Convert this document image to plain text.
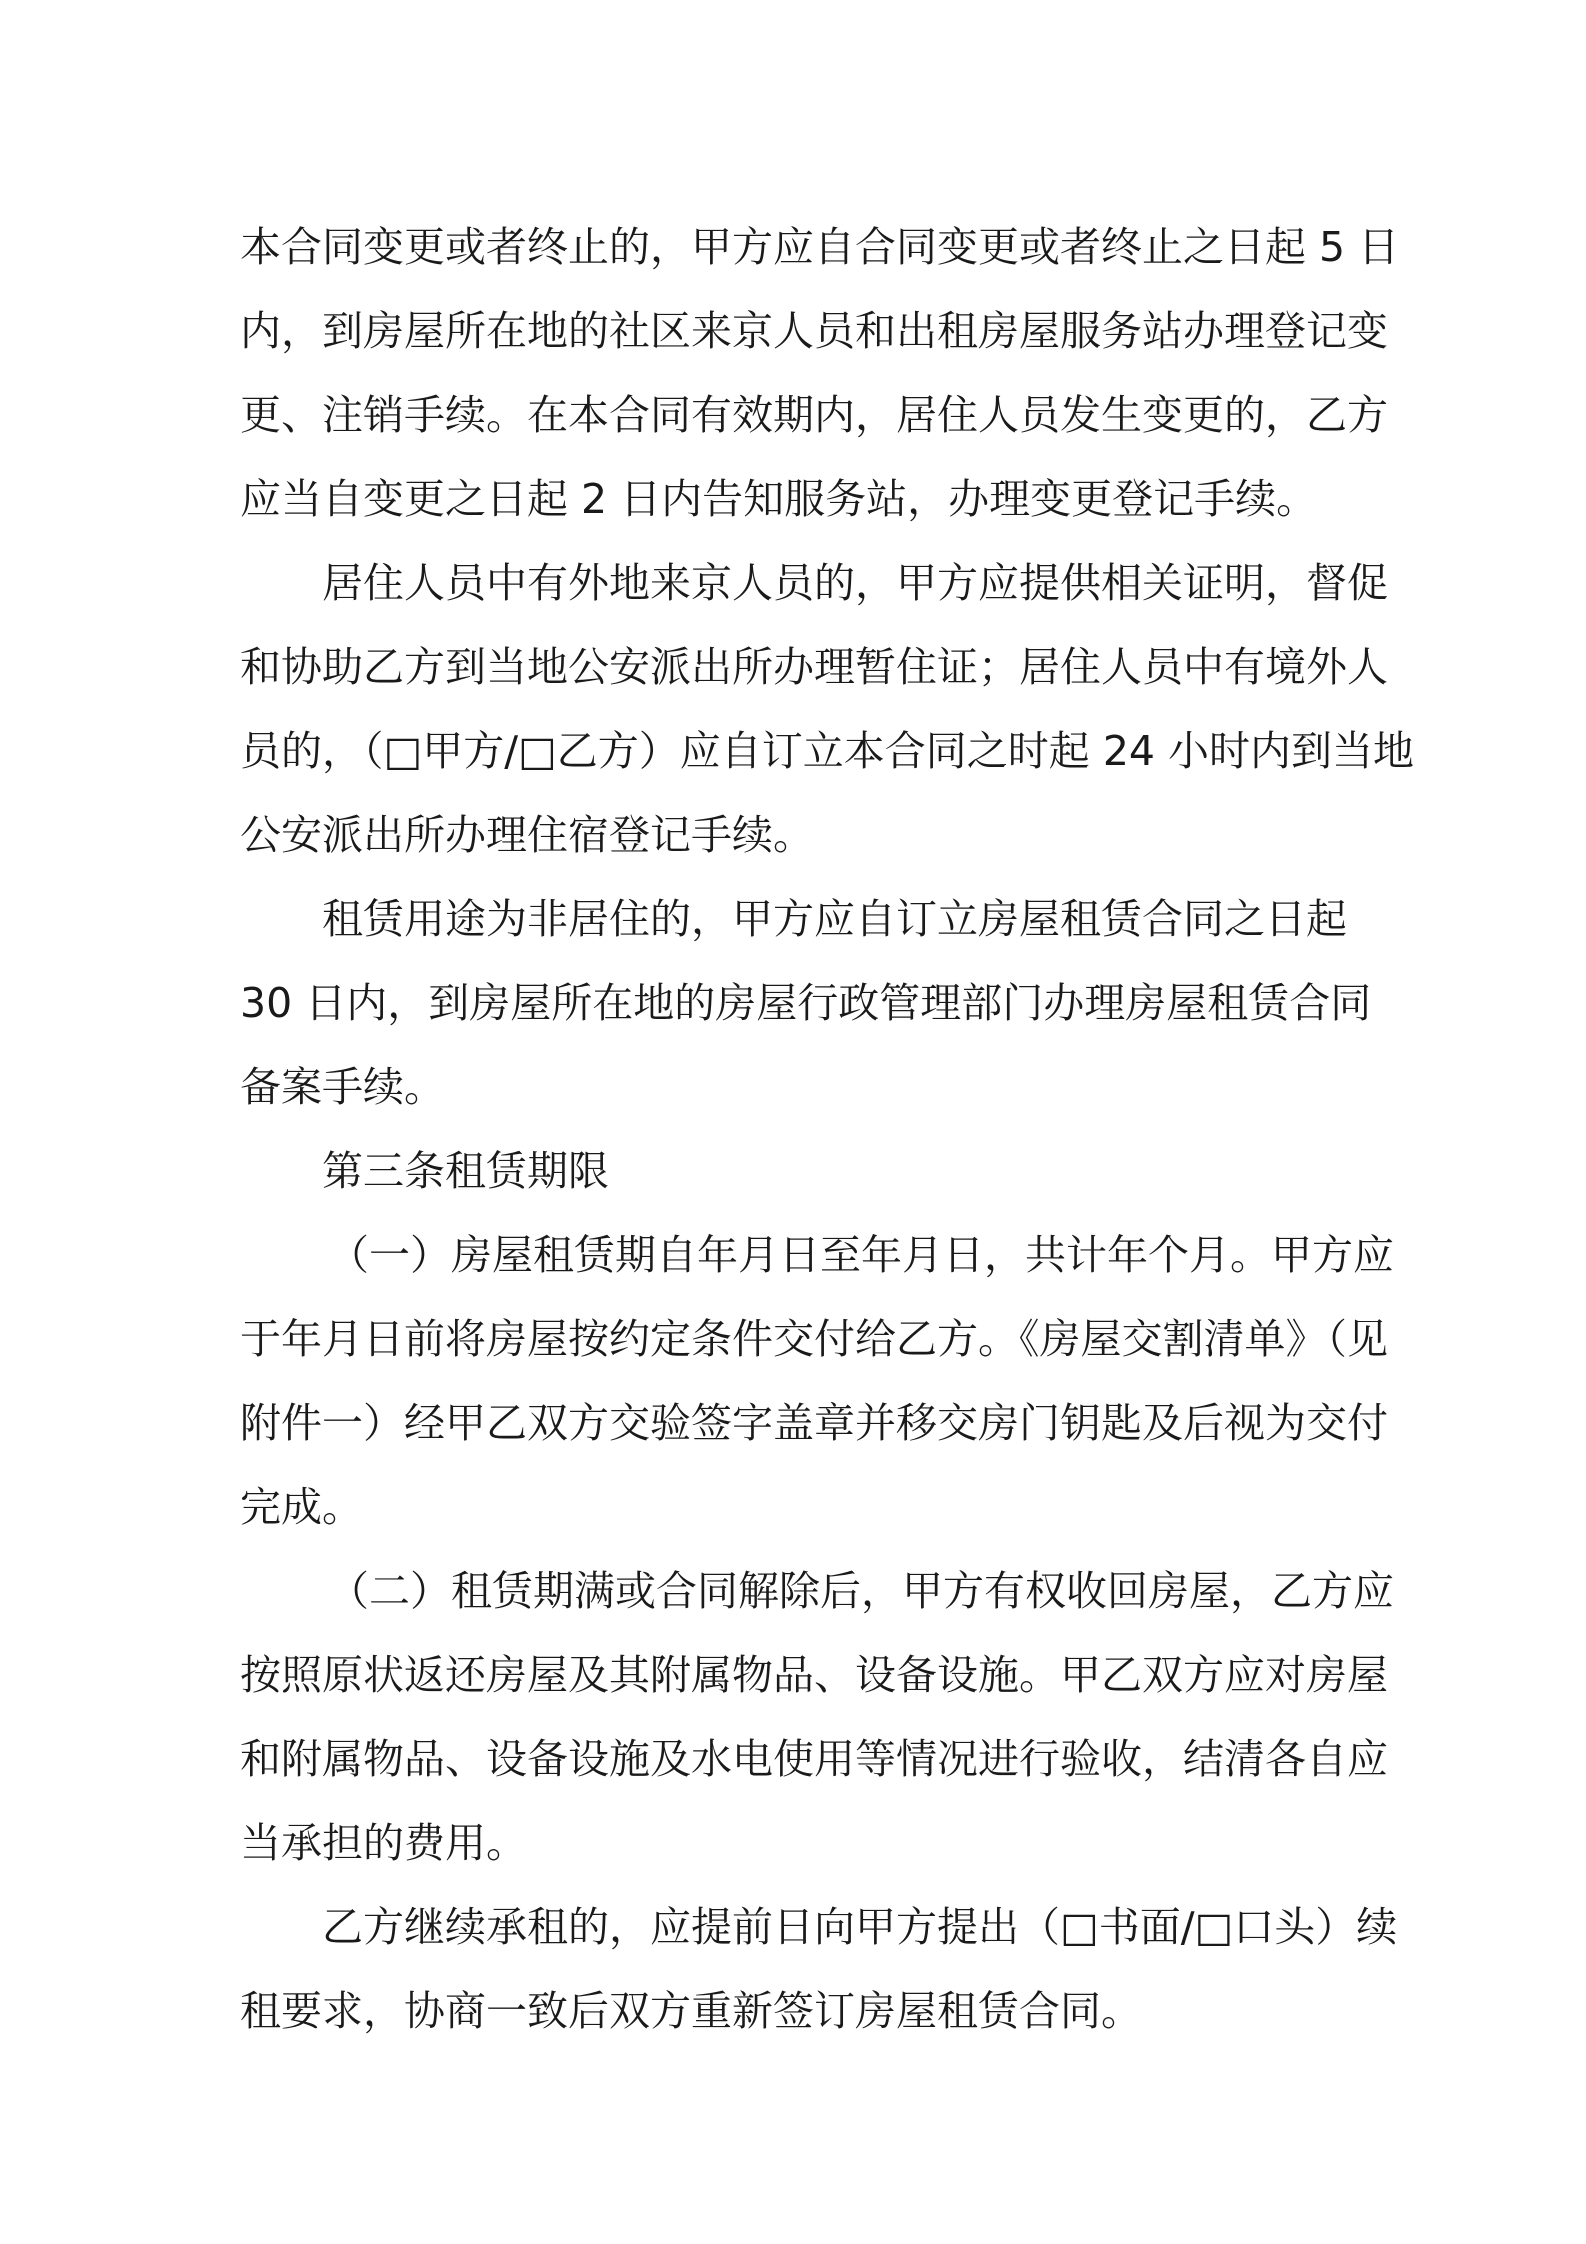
本合同变更或者终止的，甲方应自合同变更或者终止之日起 5 日
内，到房屋所在地的社区来京人员和出租房屋服务站办理登记变
更、注销手续。在本合同有效期内，居住人员发生变更的，乙方
应当自变更之日起 2 日内告知服务站，办理变更登记手续。
居住人员中有外地来京人员的，甲方应提供相关证明，督促
和协助乙方到当地公安派出所办理暂住证；居住人员中有境外人
员的，（□甲方/□乙方）应自订立本合同之时起 24 小时内到当地
公安派出所办理住宿登记手续。
租赁用途为非居住的，甲方应自订立房屋租赁合同之日起
30 日内，到房屋所在地的房屋行政管理部门办理房屋租赁合同
备案手续。
第三条租赁期限
（一）房屋租赁期自年月日至年月日，共计年个月。甲方应
于年月日前将房屋按约定条件交付给乙方。《房屋交割清单》（见
附件一）经甲乙双方交验签字盖章并移交房门钥匙及后视为交付
完成。
（二）租赁期满或合同解除后，甲方有权收回房屋，乙方应
按照原状返还房屋及其附属物品、设备设施。甲乙双方应对房屋
和附属物品、设备设施及水电使用等情况进行验收，结清各自应
当承担的费用。
乙方继续承租的，应提前日向甲方提出（□书面/□口头）续
租要求，协商一致后双方重新签订房屋租赁合同。
